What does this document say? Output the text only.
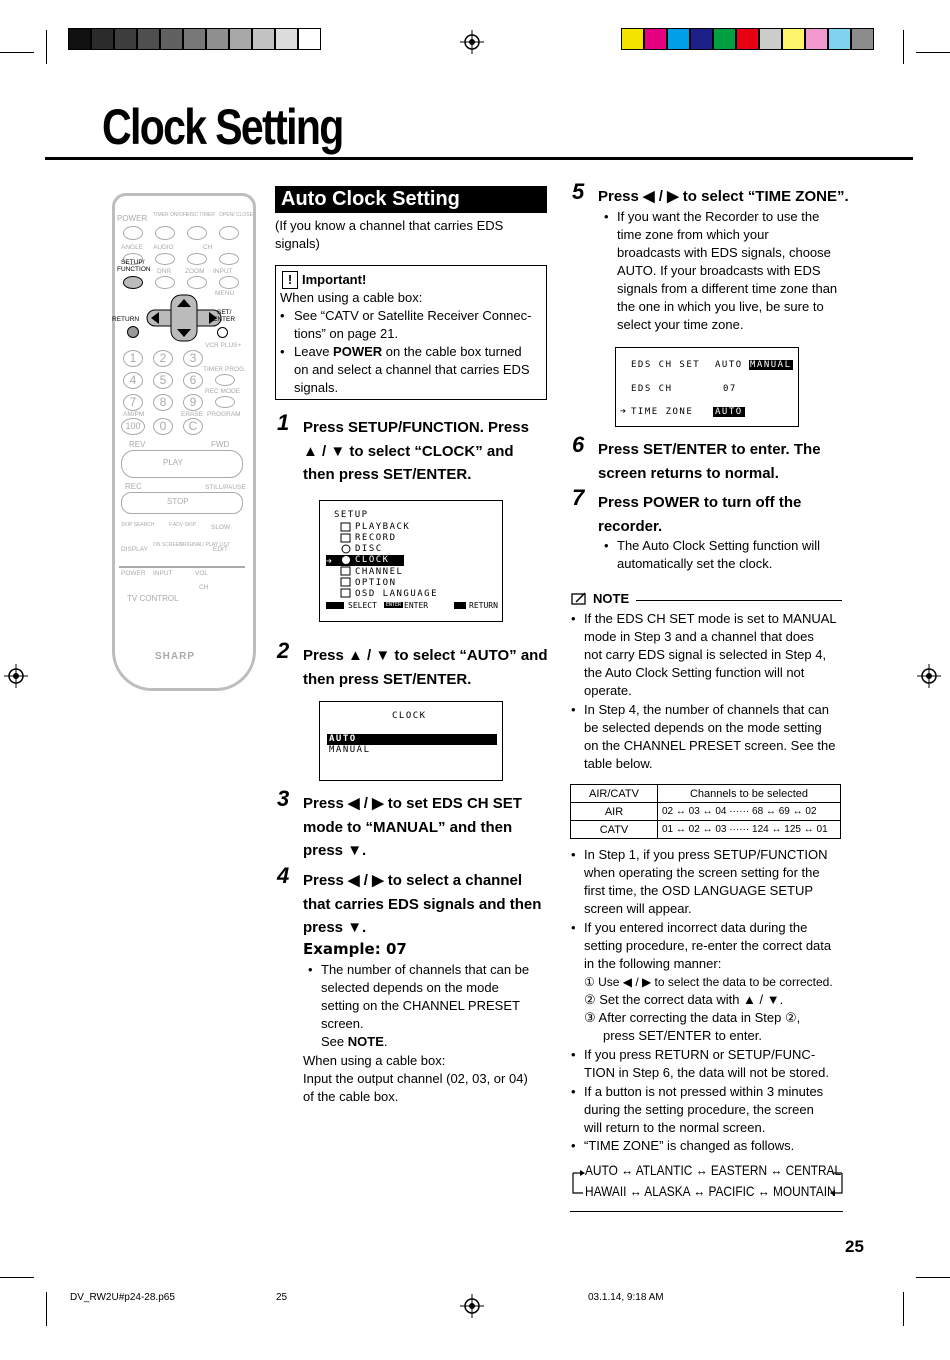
Clock Setting
POWER TIMER ON/OFF
DISC TIMER OPEN/ CLOSE
ANGLE AUDIO	CH
SETUP/
FUNCTION DNR ZOOM INPUT
MENU
SET/
ENTER
RETURN
VCR PLUS+
1	2	3
TIMER PROG.
4	5	6
REC MODE
7	8	9
AM/PM	ERASE PROGRAM
100	0	C
REV	FWD
PLAY
REC	STILL/PAUSE
STOP
SKIP SEARCH	F.ADV SKIP SLOW
DISPLAY
ON SCREEN
ORIGINAL/ PLAY LIST
EDIT
POWER INPUT	VOL
CH
TV CONTROL
SHARP
Auto Clock Setting
(If you know a channel that carries EDS
signals)
! Important!
When using a cable box:
• See “CATV or Satellite Receiver Connec-
tions” on page 21.
• Leave POWER on the cable box turned
on and select a channel that carries EDS
signals.
1 Press SETUP/FUNCTION. Press
▲ / ▼ to select “CLOCK” and
then press SET/ENTER.
SETUP
PLAYBACK
RECORD
DISC
CLOCK
CHANNEL
OPTION
OSD LANGUAGE
➔
SELECT	ENTER ENTER	RETURN
2 Press ▲ / ▼ to select “AUTO” and
then press SET/ENTER.
CLOCK
AUTO
MANUAL
3 Press ◀ / ▶ to set EDS CH SET
mode to “MANUAL” and then
press ▼.
4 Press ◀ / ▶ to select a channel
that carries EDS signals and then
press ▼.
Example: 07
• The number of channels that can be
selected depends on the mode
setting on the CHANNEL PRESET
screen.
See NOTE.
When using a cable box:
Input the output channel (02, 03, or 04)
of the cable box.
5 Press ◀ / ▶ to select “TIME ZONE”.
• If you want the Recorder to use the
time zone from which your
broadcasts with EDS signals, choose
AUTO. If your broadcasts with EDS
signals from a different time zone than
the one in which you live, be sure to
select your time zone.
EDS CH SET AUTO MANUAL
EDS CH	07
➔ TIME ZONE AUTO
6 Press SET/ENTER to enter. The
screen returns to normal.
7 Press POWER to turn off the
recorder.
• The Auto Clock Setting function will
automatically set the clock.
NOTE
• If the EDS CH SET mode is set to MANUAL
mode in Step 3 and a channel that does
not carry EDS signal is selected in Step 4,
the Auto Clock Setting function will not
operate.
• In Step 4, the number of channels that can
be selected depends on the mode setting
on the CHANNEL PRESET screen. See the
table below.
AIR/CATV	Channels to be selected
AIR	02 ↔ 03 ↔ 04 ······ 68 ↔ 69 ↔ 02
CATV	01 ↔ 02 ↔ 03 ······ 124 ↔ 125 ↔ 01
• In Step 1, if you press SETUP/FUNCTION
when operating the screen setting for the
first time, the OSD LANGUAGE SETUP
screen will appear.
• If you entered incorrect data during the
setting procedure, re-enter the correct data
in the following manner:
① Use ◀ / ▶ to select the data to be corrected.
② Set the correct data with ▲ / ▼.
③ After correcting the data in Step ②,
press SET/ENTER to enter.
• If you press RETURN or SETUP/FUNC-
TION in Step 6, the data will not be stored.
• If a button is not pressed within 3 minutes
during the setting procedure, the screen
will return to the normal screen.
• “TIME ZONE” is changed as follows.
AUTO ↔ ATLANTIC ↔ EASTERN ↔ CENTRAL
HAWAII ↔ ALASKA ↔ PACIFIC ↔ MOUNTAIN
25
DV_RW2U#p24-28.p65	25	03.1.14, 9:18 AM
